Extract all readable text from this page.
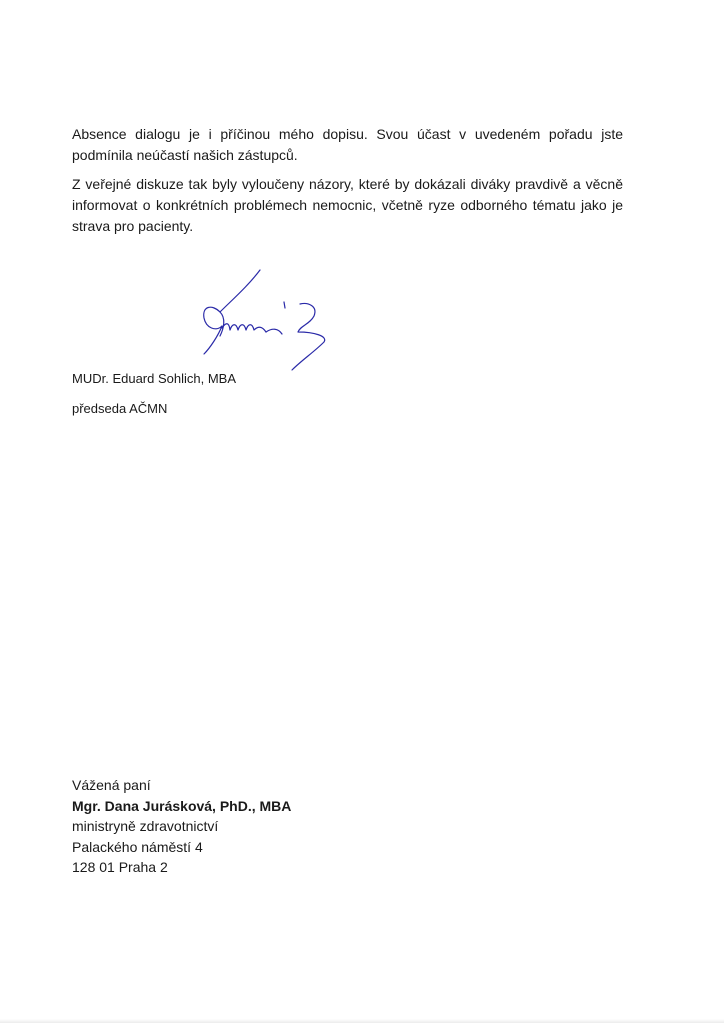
Absence dialogu je i příčinou mého dopisu. Svou účast v uvedeném pořadu jste podmínila neúčastí našich zástupců.

Z veřejné diskuze tak byly vyloučeny názory, které by dokázali diváky pravdivě a věcně informovat o konkrétních problémech nemocnic, včetně ryze odborného tématu jako je strava pro pacienty.

MUDr. Eduard Sohlich, MBA

předseda AČMN

Vážená paní
Mgr. Dana Jurásková, PhD., MBA
ministryně zdravotnictví
Palackého náměstí 4
128 01 Praha 2
